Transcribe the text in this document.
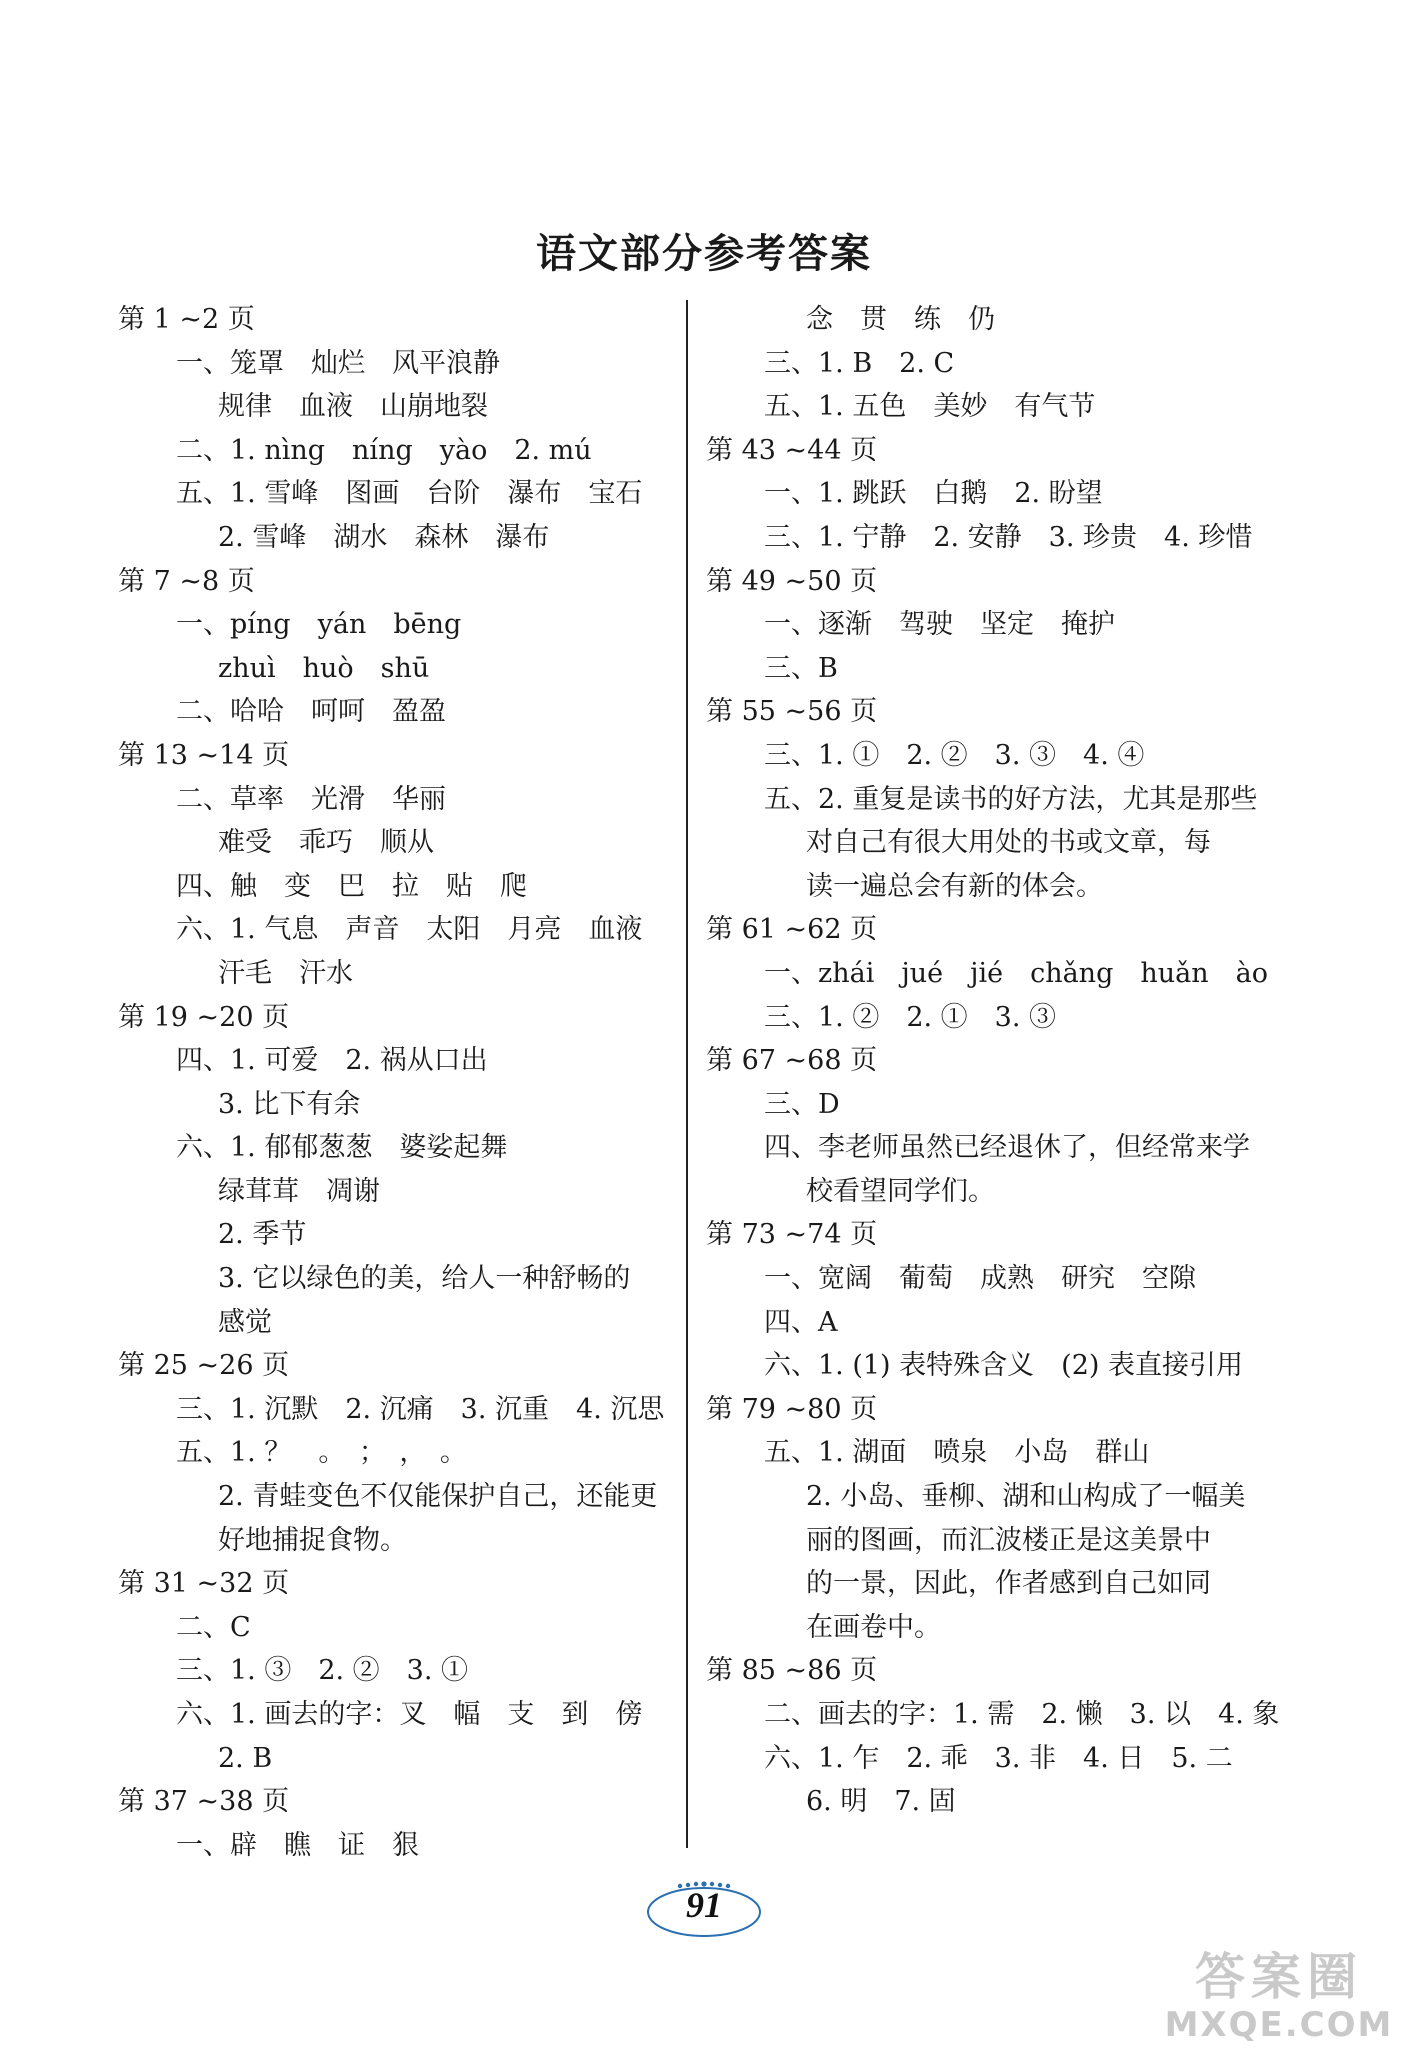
语文部分参考答案
第 1 ~2 页
一、笼罩　灿烂　风平浪静
规律　血液　山崩地裂
二、1. nìng　níng　yào　2. mú
五、1. 雪峰　图画　台阶　瀑布　宝石
2. 雪峰　湖水　森林　瀑布
第 7 ~8 页
一、píng　yán　bēng
zhuì　huò　shū
二、哈哈　呵呵　盈盈
第 13 ~14 页
二、草率　光滑　华丽
难受　乖巧　顺从
四、触　变　巴　拉　贴　爬
六、1. 气息　声音　太阳　月亮　血液
汗毛　汗水
第 19 ~20 页
四、1. 可爱　2. 祸从口出
3. 比下有余
六、1. 郁郁葱葱　婆娑起舞
绿茸茸　凋谢
2. 季节
3. 它以绿色的美，给人一种舒畅的
感觉
第 25 ~26 页
三、1. 沉默　2. 沉痛　3. 沉重　4. 沉思
五、1. ？　。　；　，　。
2. 青蛙变色不仅能保护自己，还能更
好地捕捉食物。
第 31 ~32 页
二、C
三、1. ③　2. ②　3. ①
六、1. 画去的字：叉　幅　支　到　傍
2. B
第 37 ~38 页
一、辟　瞧　证　狠
念　贯　练　仍
三、1. B　2. C
五、1. 五色　美妙　有气节
第 43 ~44 页
一、1. 跳跃　白鹅　2. 盼望
三、1. 宁静　2. 安静　3. 珍贵　4. 珍惜
第 49 ~50 页
一、逐渐　驾驶　坚定　掩护
三、B
第 55 ~56 页
三、1. ①　2. ②　3. ③　4. ④
五、2. 重复是读书的好方法，尤其是那些
对自己有很大用处的书或文章，每
读一遍总会有新的体会。
第 61 ~62 页
一、zhái　jué　jié　chǎng　huǎn　ào
三、1. ②　2. ①　3. ③
第 67 ~68 页
三、D
四、李老师虽然已经退休了，但经常来学
校看望同学们。
第 73 ~74 页
一、宽阔　葡萄　成熟　研究　空隙
四、A
六、1. (1) 表特殊含义　(2) 表直接引用
第 79 ~80 页
五、1. 湖面　喷泉　小岛　群山
2. 小岛、垂柳、湖和山构成了一幅美
丽的图画，而汇波楼正是这美景中
的一景，因此，作者感到自己如同
在画卷中。
第 85 ~86 页
二、画去的字：1. 需　2. 懒　3. 以　4. 象
六、1. 乍　2. 乖　3. 非　4. 日　5. 二
6. 明　7. 固
91
答案圈
MXQE.COM
